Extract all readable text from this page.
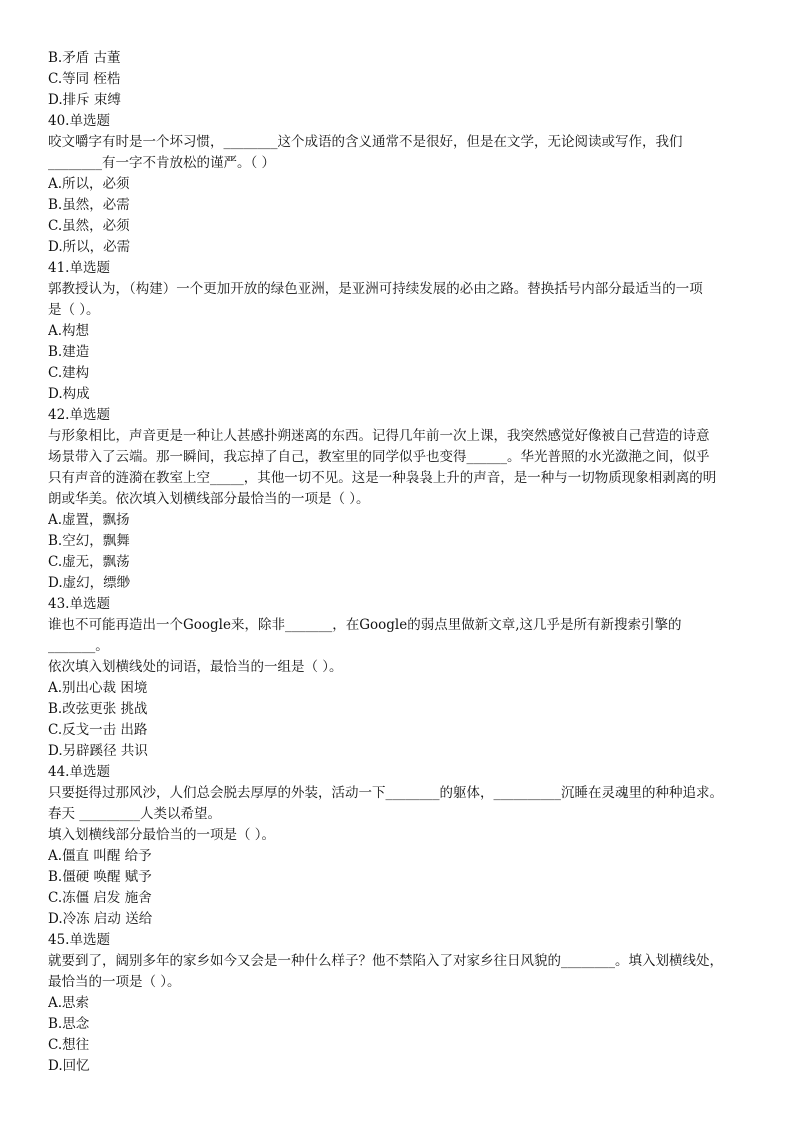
B.矛盾 古董
C.等同 桎梏
D.排斥 束缚
40.单选题
咬文嚼字有时是一个坏习惯，________这个成语的含义通常不是很好，但是在文学，无论阅读或写作，我们
________有一字不肯放松的谨严。（ ）
A.所以，必须
B.虽然，必需
C.虽然，必须
D.所以，必需
41.单选题
郭教授认为，（构建）一个更加开放的绿色亚洲，是亚洲可持续发展的必由之路。替换括号内部分最适当的一项
是（ ）。
A.构想
B.建造
C.建构
D.构成
42.单选题
与形象相比，声音更是一种让人甚感扑朔迷离的东西。记得几年前一次上课，我突然感觉好像被自己营造的诗意
场景带入了云端。那一瞬间，我忘掉了自己，教室里的同学似乎也变得______。华光普照的水光潋滟之间，似乎
只有声音的涟漪在教室上空_____，其他一切不见。这是一种袅袅上升的声音，是一种与一切物质现象相剥离的明
朗或华美。依次填入划横线部分最恰当的一项是（ ）。
A.虚置，飘扬
B.空幻，飘舞
C.虚无，飘荡
D.虚幻，缥缈
43.单选题
谁也不可能再造出一个Google来，除非_______，在Google的弱点里做新文章,这几乎是所有新搜索引擎的
_______。
依次填入划横线处的词语，最恰当的一组是（ ）。
A.别出心裁 困境
B.改弦更张 挑战
C.反戈一击 出路
D.另辟蹊径 共识
44.单选题
只要挺得过那风沙，人们总会脱去厚厚的外装，活动一下________的躯体，__________沉睡在灵魂里的种种追求。
春天 _________人类以希望。
填入划横线部分最恰当的一项是（ ）。
A.僵直 叫醒 给予
B.僵硬 唤醒 赋予
C.冻僵 启发 施舍
D.冷冻 启动 送给
45.单选题
就要到了，阔别多年的家乡如今又会是一种什么样子？他不禁陷入了对家乡往日风貌的________。填入划横线处，
最恰当的一项是（ ）。
A.思索
B.思念
C.想往
D.回忆
